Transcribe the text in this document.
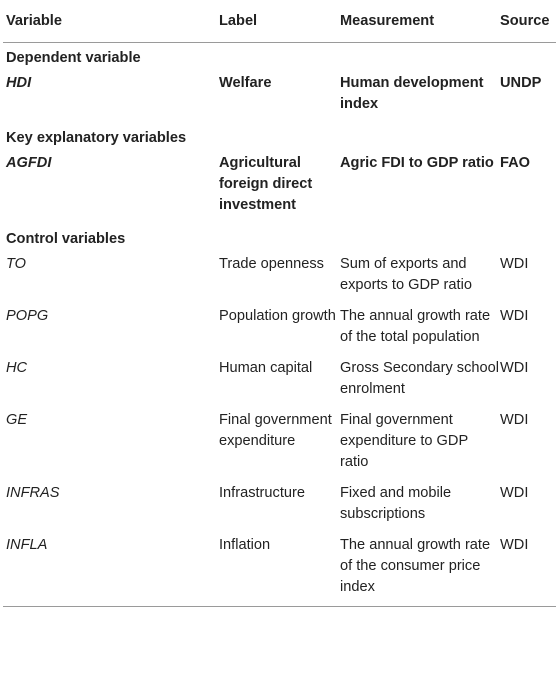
Variable	Label	Measurement	Source
Dependent variable			
HDI	Welfare	Human development index	UNDP
Key explanatory variables			
AGFDI	Agricultural foreign direct investment	Agric FDI to GDP ratio	FAO
Control variables			
TO	Trade openness	Sum of exports and exports to GDP ratio	WDI
POPG	Population growth	The annual growth rate of the total population	WDI
HC	Human capital	Gross Secondary school enrolment	WDI
GE	Final government expenditure	Final government expenditure to GDP ratio	WDI
INFRAS	Infrastructure	Fixed and mobile subscriptions	WDI
INFLA	Inflation	The annual growth rate of the consumer price index	WDI
